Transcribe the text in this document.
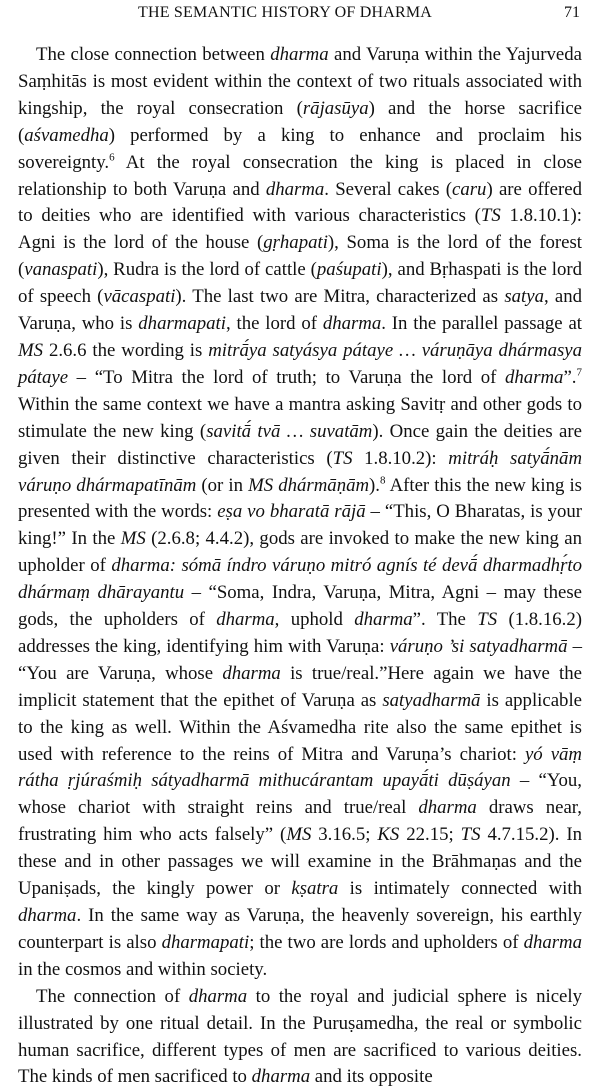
THE SEMANTIC HISTORY OF DHARMA	71

The close connection between dharma and Varuṇa within the Yajurveda Saṃhitās is most evident within the context of two rituals associated with kingship, the royal consecration (rājasūya) and the horse sacrifice (aśvamedha) performed by a king to enhance and proclaim his sovereignty.$^6$ At the royal consecration the king is placed in close relationship to both Varuṇa and dharma. Several cakes (caru) are offered to deities who are identified with various characteristics (TS 1.8.10.1): Agni is the lord of the house (gṛhapati), Soma is the lord of the forest (vanaspati), Rudra is the lord of cattle (paśupati), and Bṛhaspati is the lord of speech (vācaspati). The last two are Mitra, characterized as satya, and Varuṇa, who is dharmapati, the lord of dharma. In the parallel passage at MS 2.6.6 the wording is mitrā́ya satyásya pátaye … váruṇāya dhármasya pátaye – “To Mitra the lord of truth; to Varuṇa the lord of dharma”.$^7$ Within the same context we have a mantra asking Savitṛ and other gods to stimulate the new king (savitā́ tvā … suvatām). Once gain the deities are given their distinctive characteristics (TS 1.8.10.2): mitráḥ satyā́nām váruṇo dhármapatīnām (or in MS dhármāṇām).$^8$ After this the new king is presented with the words: eṣa vo bharatā rājā – “This, O Bharatas, is your king!” In the MS (2.6.8; 4.4.2), gods are invoked to make the new king an upholder of dharma: sómā índro váruṇo mitró agnís té devā́ dharmadhṛ́to dhármaṃ dhārayantu – “Soma, Indra, Varuṇa, Mitra, Agni – may these gods, the upholders of dharma, uphold dharma”. The TS (1.8.16.2) addresses the king, identifying him with Varuṇa: váruṇo ’si satyadharmā – “You are Varuṇa, whose dharma is true/real.”Here again we have the implicit statement that the epithet of Varuṇa as satyadharmā is applicable to the king as well. Within the Aśvamedha rite also the same epithet is used with reference to the reins of Mitra and Varuṇa’s chariot: yó vāṃ rátha ṛjúraśmiḥ sátyadharmā mithucárantam upayā́ti dūṣáyan – “You, whose chariot with straight reins and true/real dharma draws near, frustrating him who acts falsely” (MS 3.16.5; KS 22.15; TS 4.7.15.2). In these and in other passages we will examine in the Brāhmaṇas and the Upaniṣads, the kingly power or kṣatra is intimately connected with dharma. In the same way as Varuṇa, the heavenly sovereign, his earthly counterpart is also dharmapati; the two are lords and upholders of dharma in the cosmos and within society.

The connection of dharma to the royal and judicial sphere is nicely illustrated by one ritual detail. In the Puruṣamedha, the real or symbolic human sacrifice, different types of men are sacrificed to various deities. The kinds of men sacrificed to dharma and its opposite
